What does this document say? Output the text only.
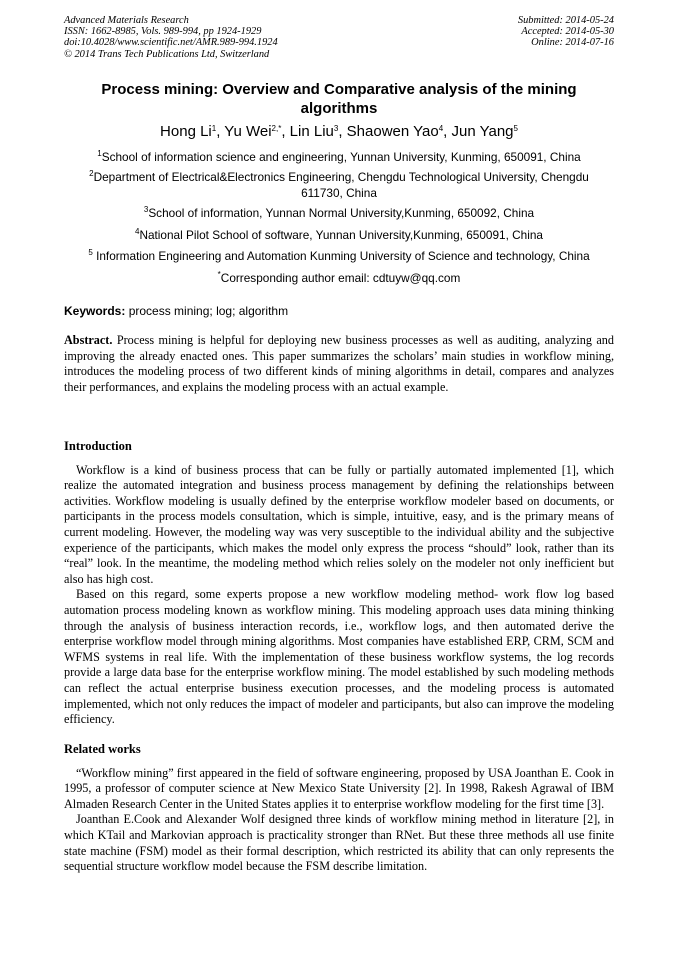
Advanced Materials Research
ISSN: 1662-8985, Vols. 989-994, pp 1924-1929
doi:10.4028/www.scientific.net/AMR.989-994.1924
© 2014 Trans Tech Publications Ltd, Switzerland
Submitted: 2014-05-24
Accepted: 2014-05-30
Online: 2014-07-16
Process mining: Overview and Comparative analysis of the mining algorithms
Hong Li$^1$, Yu Wei$^{2,*}$, Lin Liu$^3$, Shaowen Yao$^4$, Jun Yang$^5$
$^1$School of information science and engineering, Yunnan University, Kunming, 650091, China
$^2$Department of Electrical&Electronics Engineering, Chengdu Technological University, Chengdu 611730, China
$^3$School of information, Yunnan Normal University,Kunming, 650092, China
$^4$National Pilot School of software, Yunnan University,Kunming, 650091, China
$^5$ Information Engineering and Automation Kunming University of Science and technology, China
*Corresponding author email: cdtuyw@qq.com
Keywords: process mining; log; algorithm
Abstract. Process mining is helpful for deploying new business processes as well as auditing, analyzing and improving the already enacted ones. This paper summarizes the scholars’ main studies in workflow mining, introduces the modeling process of two different kinds of mining algorithms in detail, compares and analyzes their performances, and explains the modeling process with an actual example.
Introduction

Workflow is a kind of business process that can be fully or partially automated implemented [1], which realize the automated integration and business process management by defining the relationships between activities. Workflow modeling is usually defined by the enterprise workflow modeler based on documents, or participants in the process models consultation, which is simple, intuitive, easy, and is the primary means of current modeling. However, the modeling way was very susceptible to the individual ability and the subjective experience of the participants, which makes the model only express the process “should” look, rather than its “real” look. In the meantime, the modeling method which relies solely on the modeler not only inefficient but also has high cost.

Based on this regard, some experts propose a new workflow modeling method- work flow log based automation process modeling known as workflow mining. This modeling approach uses data mining thinking through the analysis of business interaction records, i.e., workflow logs, and then automated derive the enterprise workflow model through mining algorithms. Most companies have established ERP, CRM, SCM and WFMS systems in real life. With the implementation of these business workflow systems, the log records provide a large data base for the enterprise workflow mining. The model established by such modeling methods can reflect the actual enterprise business execution processes, and the modeling process is automated implemented, which not only reduces the impact of modeler and participants, but also can improve the modeling efficiency.

Related works

“Workflow mining” first appeared in the field of software engineering, proposed by USA Joanthan E. Cook in 1995, a professor of computer science at New Mexico State University [2]. In 1998, Rakesh Agrawal of IBM Almaden Research Center in the United States applies it to enterprise workflow modeling for the first time [3].

Joanthan E.Cook and Alexander Wolf designed three kinds of workflow mining method in literature [2], in which KTail and Markovian approach is practicality stronger than RNet. But these three methods all use finite state machine (FSM) model as their formal description, which restricted its ability that can only represents the sequential structure workflow model because the FSM describe limitation.
